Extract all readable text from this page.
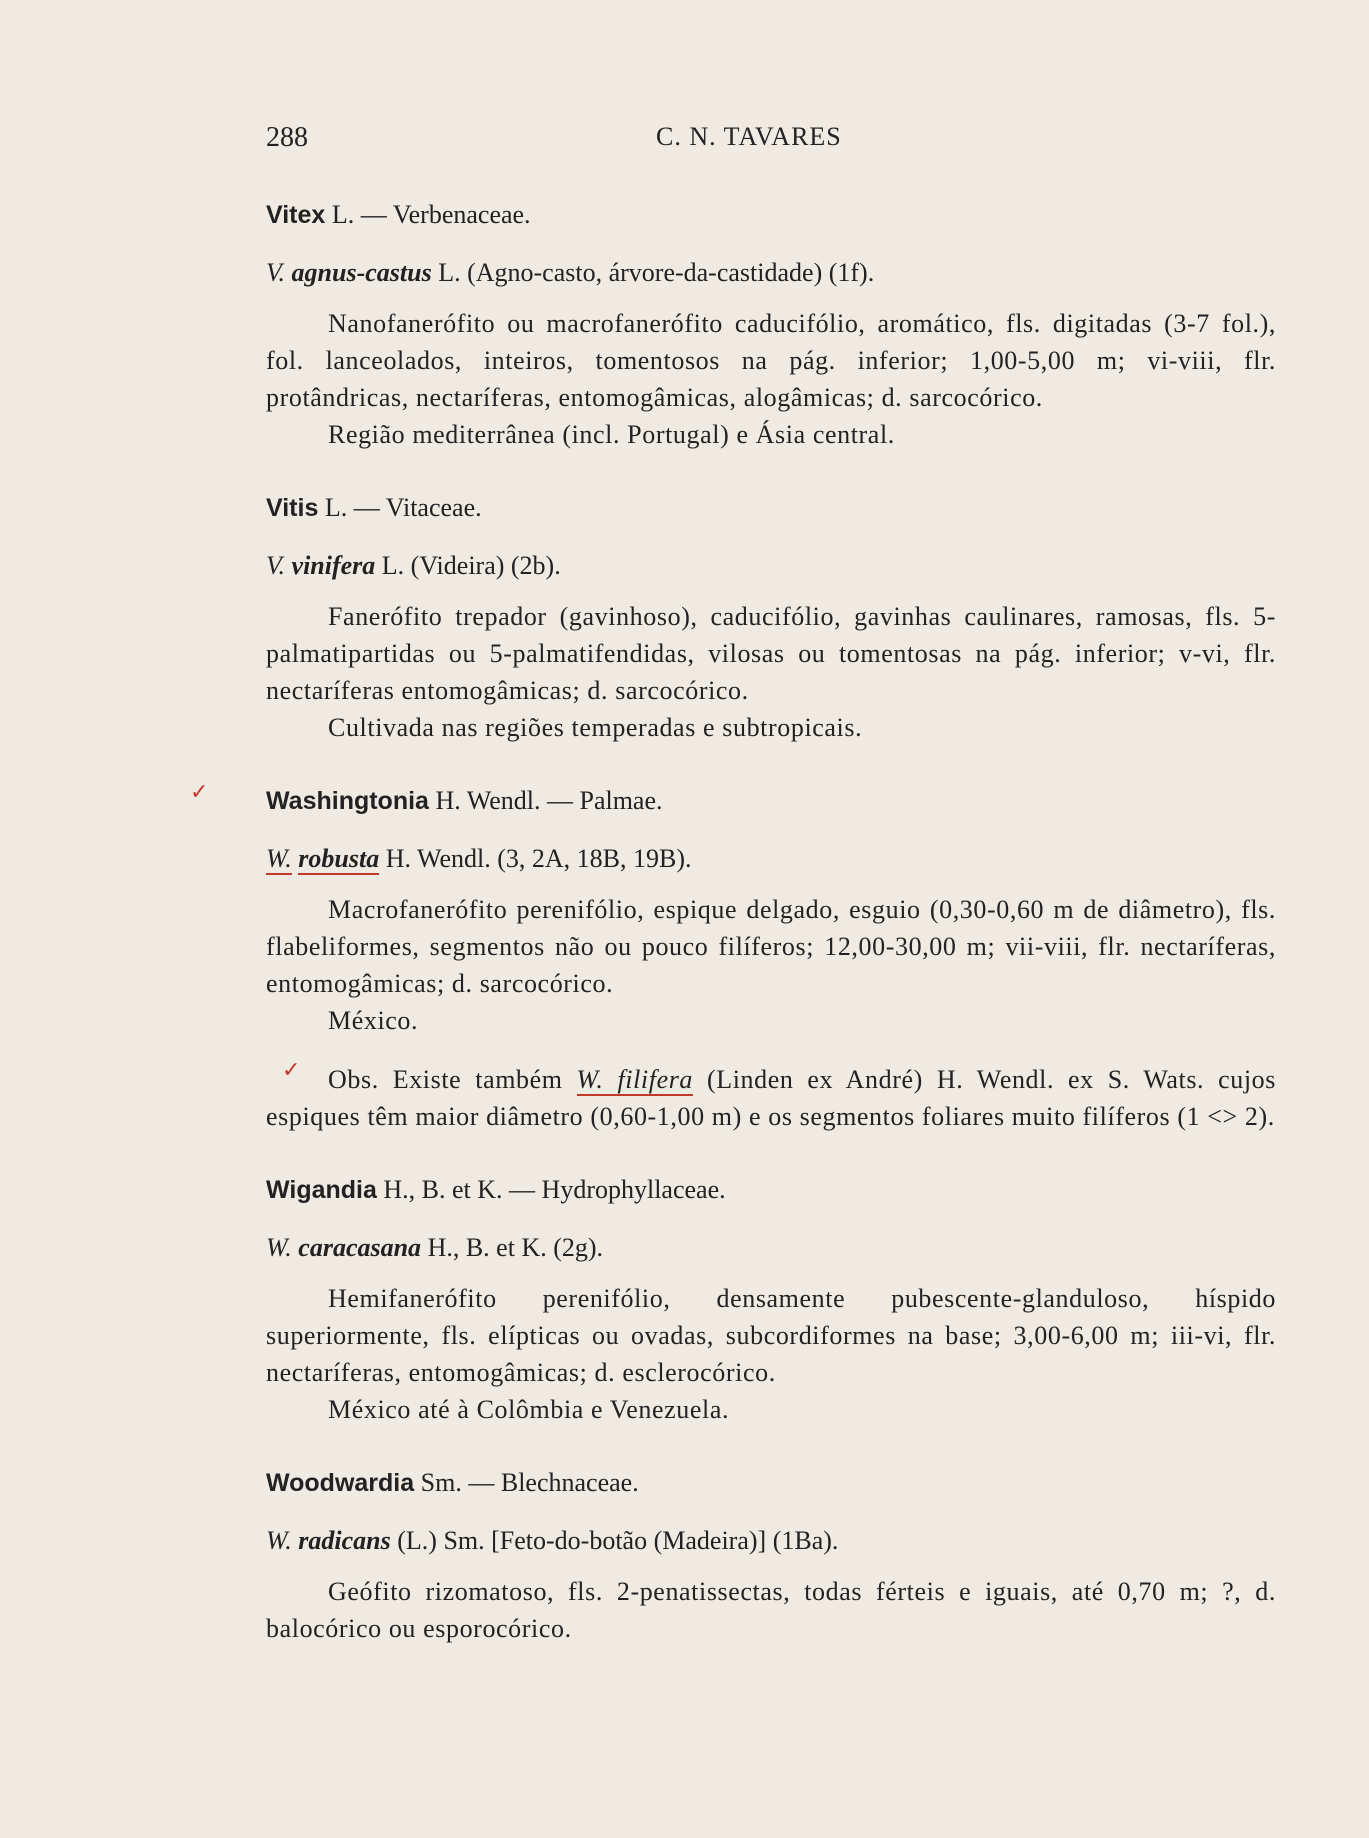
288	C. N. TAVARES
✓
✓

Vitex L. — Verbenaceae.

V. agnus-castus L. (Agno-casto, árvore-da-castidade) (1f).

Nanofanerófito ou macrofanerófito caducifólio, aromático, fls. digitadas (3-7 fol.), fol. lanceolados, inteiros, tomentosos na pág. inferior; 1,00-5,00 m; vi-viii, flr. protândricas, nectaríferas, entomogâmicas, alogâmicas; d. sarcocórico.

Região mediterrânea (incl. Portugal) e Ásia central.

Vitis L. — Vitaceae.

V. vinifera L. (Videira) (2b).

Fanerófito trepador (gavinhoso), caducifólio, gavinhas caulinares, ramosas, fls. 5-palmatipartidas ou 5-palmatifendidas, vilosas ou tomentosas na pág. inferior; v-vi, flr. nectaríferas entomogâmicas; d. sarcocórico.

Cultivada nas regiões temperadas e subtropicais.

Washingtonia H. Wendl. — Palmae.

W. robusta H. Wendl. (3, 2A, 18B, 19B).

Macrofanerófito perenifólio, espique delgado, esguio (0,30-0,60 m de diâmetro), fls. flabeliformes, segmentos não ou pouco filíferos; 12,00-30,00 m; vii-viii, flr. nectaríferas, entomogâmicas; d. sarcocórico.

México.

Obs. Existe também W. filifera (Linden ex André) H. Wendl. ex S. Wats. cujos espiques têm maior diâmetro (0,60-1,00 m) e os segmentos foliares muito filíferos (1 <> 2).

Wigandia H., B. et K. — Hydrophyllaceae.

W. caracasana H., B. et K. (2g).

Hemifanerófito perenifólio, densamente pubescente-glanduloso, híspido superiormente, fls. elípticas ou ovadas, subcordiformes na base; 3,00-6,00 m; iii-vi, flr. nectaríferas, entomogâmicas; d. esclerocórico.

México até à Colômbia e Venezuela.

Woodwardia Sm. — Blechnaceae.

W. radicans (L.) Sm. [Feto-do-botão (Madeira)] (1Ba).

Geófito rizomatoso, fls. 2-penatissectas, todas férteis e iguais, até 0,70 m; ?, d. balocórico ou esporocórico.
